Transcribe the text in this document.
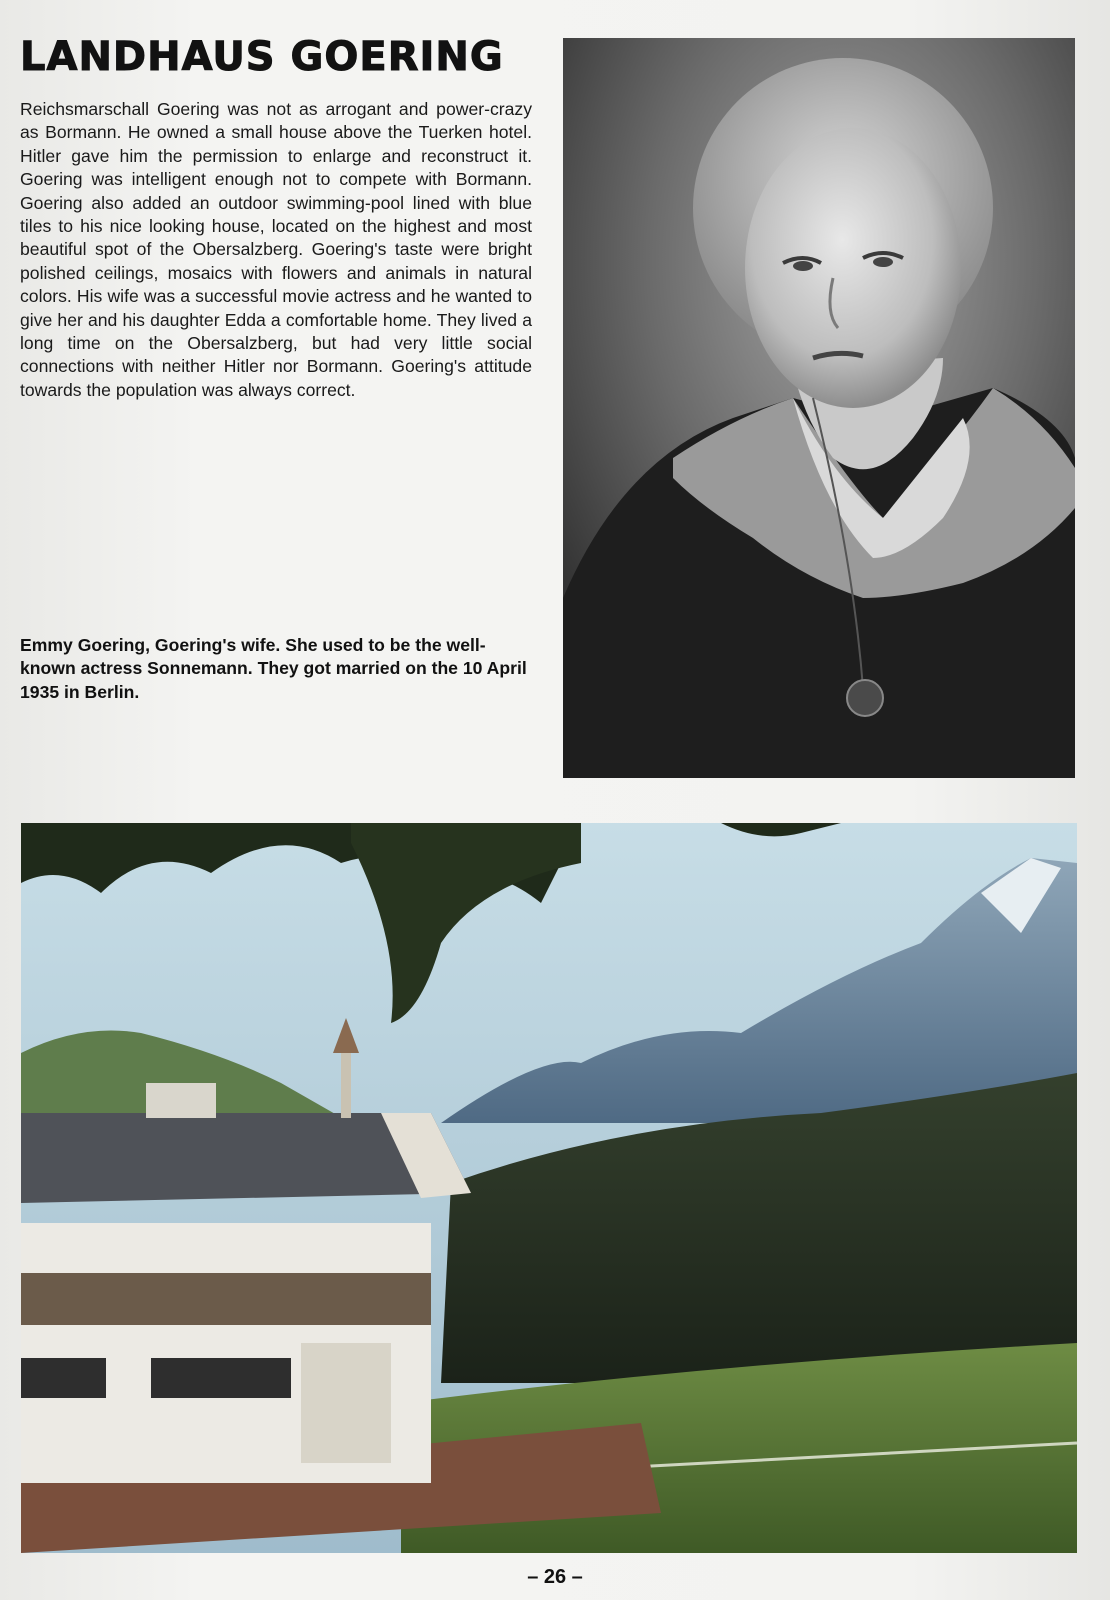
LANDHAUS GOERING

Reichsmarschall Goering was not as arrogant and power-crazy as Bormann. He owned a small house above the Tuerken hotel. Hitler gave him the permission to enlarge and reconstruct it. Goering was intelligent enough not to compete with Bormann. Goering also added an outdoor swimming-pool lined with blue tiles to his nice looking house, located on the highest and most beautiful spot of the Obersalzberg. Goering's taste were bright polished ceilings, mosaics with flowers and animals in natural colors. His wife was a successful movie actress and he wanted to give her and his daughter Edda a comfortable home. They lived a long time on the Obersalzberg, but had very little social connections with neither Hitler nor Bormann. Goering's attitude towards the population was always correct.

Emmy Goering, Goering's wife. She used to be the well-known actress Sonnemann. They got married on the 10 April 1935 in Berlin.

– 26 –
